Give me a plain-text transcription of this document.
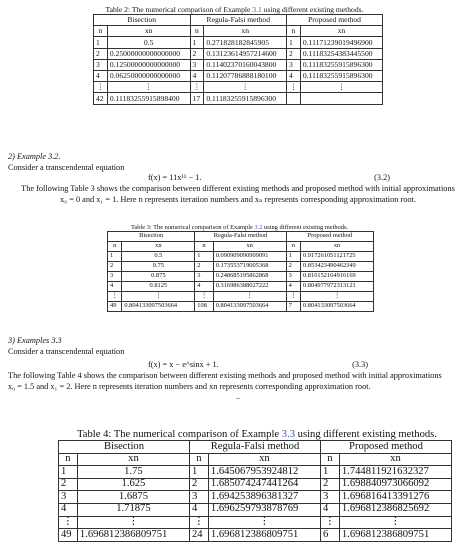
Table 2: The numerical comparison of Example 3.1 using different existing methods.
Bisection		Regula-Falsi method		Proposed method	
n	xn	n	xn	n	xn
1	0.5	1	0.271828182845905	1	0.11171239019496900
2	0.25000000000000000	2	0.13123614957214600	2	0.11183254383445500
3	0.12500000000000000	3	0.11402370160043800	3	0.11183255915896300
4	0.06250000000000000	4	0.11207786888180100	4	0.11183255915896300
⋮	⋮	⋮	⋮	⋮	⋮
42	0.11183255915898400	17	0.11183255915896300		
2) Example 3.2.
Consider a transcendental equation
f(x) = 11x¹¹ − 1.	(3.2)
The following Table 3 shows the comparison between different existing methods and proposed method with initial approximations
x₀ = 0 and x₁ = 1. Here n represents iteration numbers and xₙ represents corresponding approximation root.
Table 3: The numerical comparison of Example 3.2 using different existing methods.
Bisection		Regula-Falsi method		Proposed method	
n	xn	n	xn	n	xn
1	0.5	1	0.090909090909091	1	0.917261051121725
2	0.75	2	0.173553719005368	2	0.853423490462349
3	0.875	3	0.248685195862868	3	0.816152164916169
4	0.8125	4	0.316986388027222	4	0.804977972313121
⋮	⋮	⋮	⋮	⋮	⋮
49	0.804133097503664	108	0.804133097503664	7	0.804133097503664
3) Examples 3.3
Consider a transcendental equation
f(x) = x − e^sinx + 1.	(3.3)
The following Table 4 shows the comparison between different existing methods and proposed method with initial approximations
x₀ = 1.5 and x₁ = 2. Here n represents iteration numbers and xn represents corresponding approximation root.
..
Table 4: The numerical comparison of Example 3.3 using different existing methods.
Bisection		Regula-Falsi method		Proposed method	
n	xn	n	xn	n	xn
1	1.75	1	1.645067953924812	1	1.744811921632327
2	1.625	2	1.685074247441264	2	1.698840973066092
3	1.6875	3	1.694253896381327	3	1.696816413391276
4	1.71875	4	1.696259793878769	4	1.696812386825692
⋮	⋮	⋮	⋮	⋮	⋮
49	1.696812386809751	24	1.696812386809751	6	1.696812386809751
